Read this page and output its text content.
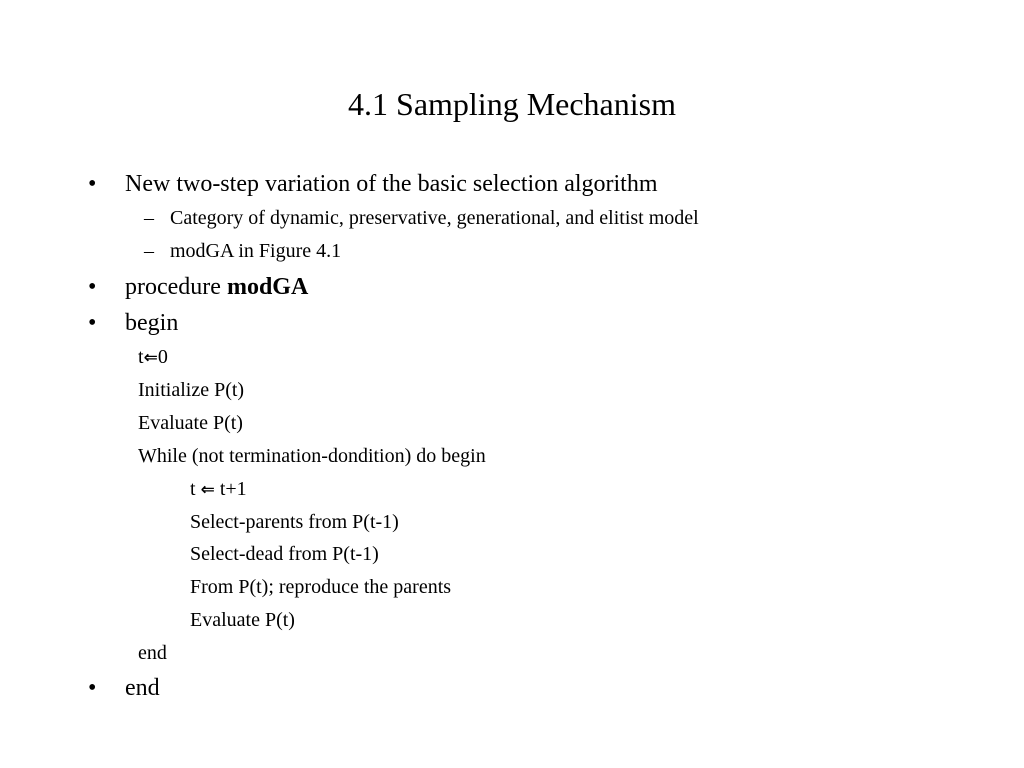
4.1 Sampling Mechanism
• New two-step variation of the basic selection algorithm
– Category of dynamic, preservative, generational, and elitist model
– modGA in Figure 4.1
• procedure modGA
• begin
t⇐0
Initialize P(t)
Evaluate P(t)
While (not termination-dondition) do begin
t ⇐ t+1
Select-parents from P(t-1)
Select-dead from P(t-1)
From P(t); reproduce the parents
Evaluate P(t)
end
• end
